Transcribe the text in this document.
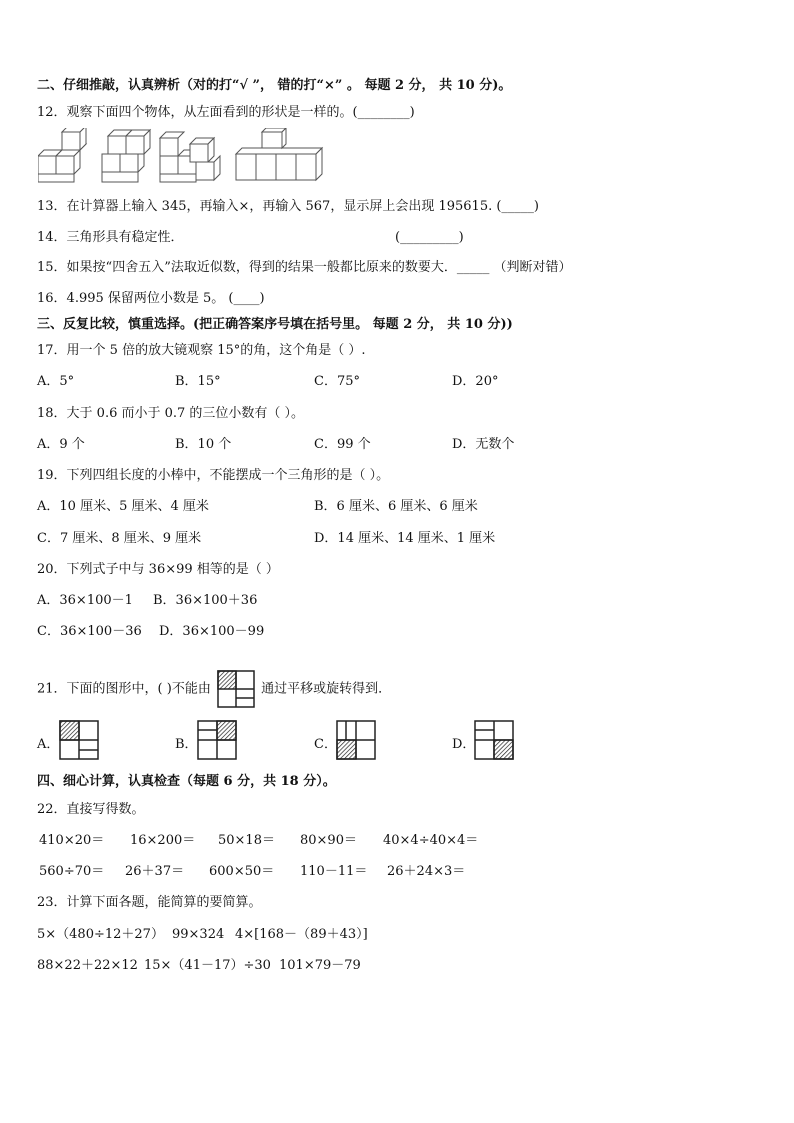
二、仔细推敲，认真辨析（对的打“√ ”， 错的打“×” 。 每题 2 分， 共 10 分)。
12．观察下面四个物体，从左面看到的形状是一样的。(________)
13．在计算器上输入 345，再输入×，再输入 567，显示屏上会出现 195615. (_____)
14．三角形具有稳定性．	(_________)
15．如果按“四舍五入”法取近似数，得到的结果一般都比原来的数要大．_____ （判断对错）
16．4.995 保留两位小数是 5。 (____)
三、反复比较，慎重选择。(把正确答案序号填在括号里。 每题 2 分， 共 10 分))
17．用一个 5 倍的放大镜观察 15°的角，这个角是（ ）.
A．5°	B．15°	C．75°	D．20°
18．大于 0.6 而小于 0.7 的三位小数有（ ）。
A．9 个	B．10 个	C．99 个	D．无数个
19．下列四组长度的小棒中，不能摆成一个三角形的是（ ）。
A．10 厘米、5 厘米、4 厘米	B．6 厘米、6 厘米、6 厘米
C．7 厘米、8 厘米、9 厘米	D．14 厘米、14 厘米、1 厘米
20．下列式子中与 36×99 相等的是（ ）
A．36×100－1 B．36×100＋36
C．36×100－36 D．36×100－99
21．下面的图形中，( )不能由	通过平移或旋转得到．
A．	B．	C．	D．
四、细心计算，认真检查（每题 6 分，共 18 分）。
22．直接写得数。
410×20＝ 16×200＝ 50×18＝ 80×90＝ 40×4÷40×4＝
560÷70＝ 26＋37＝ 600×50＝ 110－11＝ 26＋24×3＝
23．计算下面各题，能简算的要简算。
5×（480÷12＋27） 99×324 4×[168－（89＋43）]
88×22＋22×12 15×（41－17）÷30 101×79－79
